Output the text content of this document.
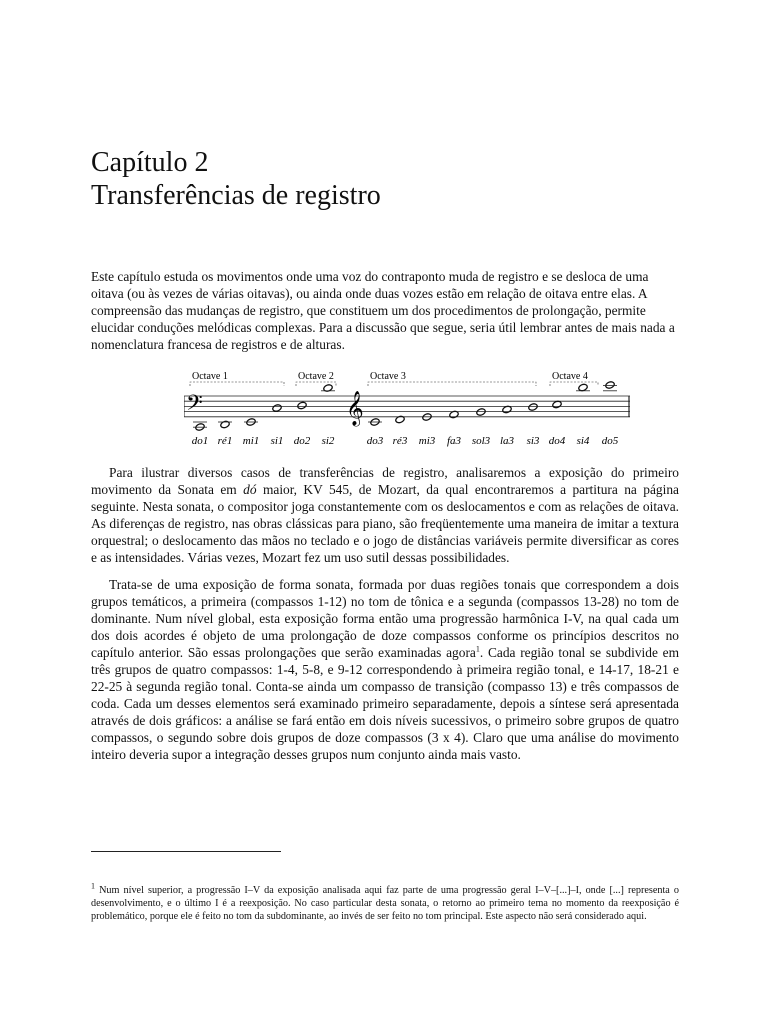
Capítulo 2
Transferências de registro

Este capítulo estuda os movimentos onde uma voz do contraponto muda de registro e se desloca de uma oitava (ou às vezes de várias oitavas), ou ainda onde duas vozes estão em relação de oitava entre elas. A compreensão das mudanças de registro, que constituem um dos procedimentos de prolongação, permite elucidar conduções melódicas complexas. Para a discussão que segue, seria útil lembrar antes de mais nada a nomenclatura francesa de registros e de alturas.

𝄢	𝄞
do1 ré1 mi1 si1 do2 si2	do3 ré3 mi3 fa3 sol3 la3 si3 do4 si4 do5
Octave 1	Octave 2	Octave 3	Octave 4

Para ilustrar diversos casos de transferências de registro, analisaremos a exposição do primeiro movimento da Sonata em dó maior, KV 545, de Mozart, da qual encontraremos a partitura na página seguinte. Nesta sonata, o compositor joga constantemente com os deslocamentos e com as relações de oitava. As diferenças de registro, nas obras clássicas para piano, são freqüentemente uma maneira de imitar a textura orquestral; o deslocamento das mãos no teclado e o jogo de distâncias variáveis permite diversificar as cores e as intensidades. Várias vezes, Mozart fez um uso sutil dessas possibilidades.

Trata-se de uma exposição de forma sonata, formada por duas regiões tonais que correspondem a dois grupos temáticos, a primeira (compassos 1-12) no tom de tônica e a segunda (compassos 13-28) no tom de dominante. Num nível global, esta exposição forma então uma progressão harmônica I-V, na qual cada um dos dois acordes é objeto de uma prolongação de doze compassos conforme os princípios descritos no capítulo anterior. São essas prolongações que serão examinadas agora$^1$. Cada região tonal se subdivide em três grupos de quatro compassos: 1-4, 5-8, e 9-12 correspondendo à primeira região tonal, e 14-17, 18-21 e 22-25 à segunda região tonal. Conta-se ainda um compasso de transição (compasso 13) e três compassos de coda. Cada um desses elementos será examinado primeiro separadamente, depois a síntese será apresentada através de dois gráficos: a análise se fará então em dois níveis sucessivos, o primeiro sobre grupos de quatro compassos, o segundo sobre dois grupos de doze compassos (3 x 4). Claro que uma análise do movimento inteiro deveria supor a integração desses grupos num conjunto ainda mais vasto.

$^1$ Num nível superior, a progressão I–V da exposição analisada aqui faz parte de uma progressão geral I–V–[...]–I, onde [...] representa o desenvolvimento, e o último I é a reexposição. No caso particular desta sonata, o retorno ao primeiro tema no momento da reexposição é problemático, porque ele é feito no tom da subdominante, ao invés de ser feito no tom principal. Este aspecto não será considerado aqui.
